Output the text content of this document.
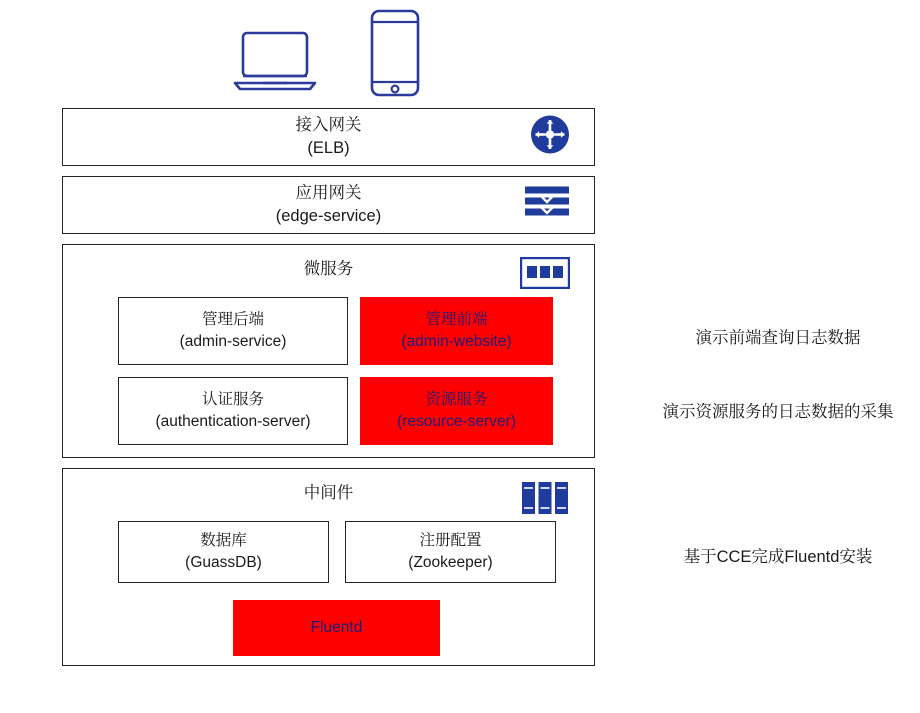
接入网关
(ELB)
应用网关
(edge-service)
微服务
管理后端
(admin-service)
管理前端
(admin-website)
认证服务
(authentication-server)
资源服务
(resource-server)
中间件
数据库
(GuassDB)
注册配置
(Zookeeper)
Fluentd
演示前端查询日志数据
演示资源服务的日志数据的采集
基于CCE完成Fluentd安装
